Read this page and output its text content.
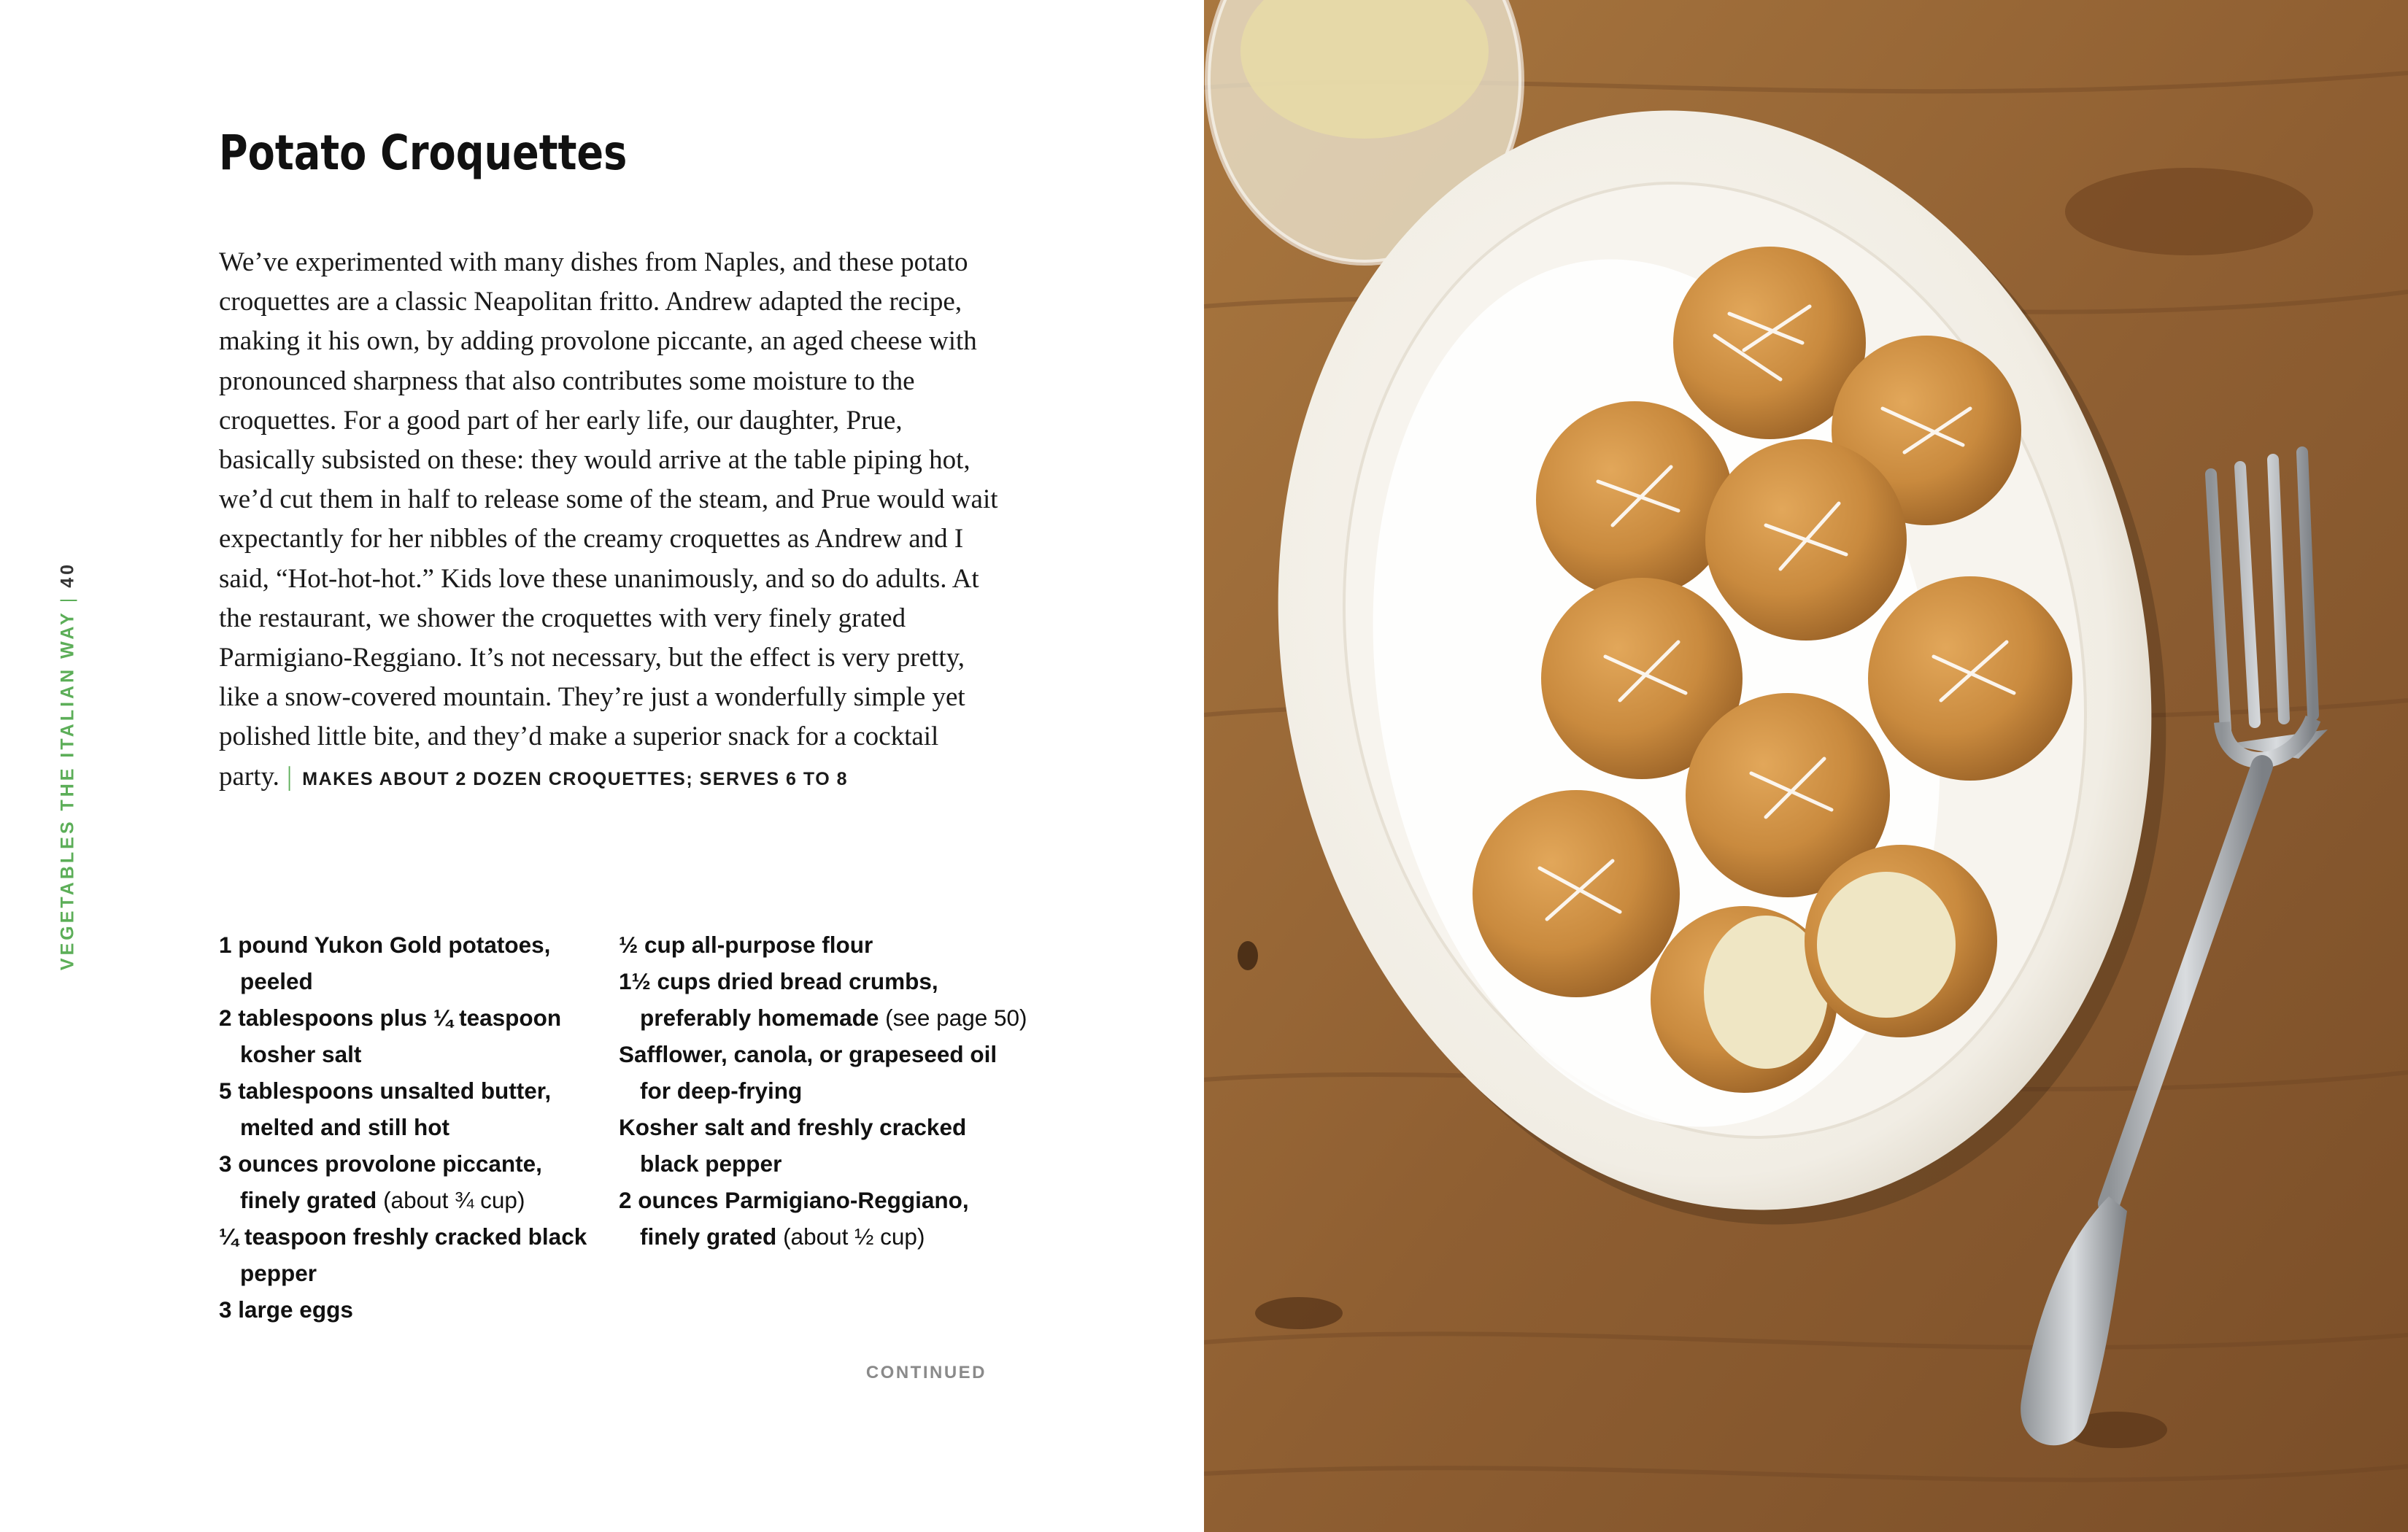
VEGETABLES THE ITALIAN WAY|40
Potato Croquettes

We’ve experimented with many dishes from Naples, and these potato croquettes are a classic Neapolitan fritto. Andrew adapted the recipe, making it his own, by adding provolone piccante, an aged cheese with pronounced sharpness that also contributes some moisture to the croquettes. For a good part of her early life, our daughter, Prue, basically subsisted on these: they would arrive at the table piping hot, we’d cut them in half to release some of the steam, and Prue would wait expectantly for her nibbles of the creamy croquettes as Andrew and I said, “Hot-hot-hot.” Kids love these unanimously, and so do adults. At the restaurant, we shower the croquettes with very finely grated Parmigiano-Reggiano. It’s not necessary, but the effect is very pretty, like a snow-covered mountain. They’re just a wonderfully simple yet polished little bite, and they’d make a superior snack for a cocktail party. | MAKES ABOUT 2 DOZEN CROQUETTES; SERVES 6 TO 8

1 pound Yukon Gold potatoes, peeled
2 tablespoons plus ¼ teaspoon kosher salt
5 tablespoons unsalted butter, melted and still hot
3 ounces provolone piccante, finely grated (about ¾ cup)
¼ teaspoon freshly cracked black pepper
3 large eggs
½ cup all-purpose flour
1½ cups dried bread crumbs, preferably homemade (see page 50)
Safflower, canola, or grapeseed oil for deep-frying
Kosher salt and freshly cracked black pepper
2 ounces Parmigiano-Reggiano, finely grated (about ½ cup)
CONTINUED
